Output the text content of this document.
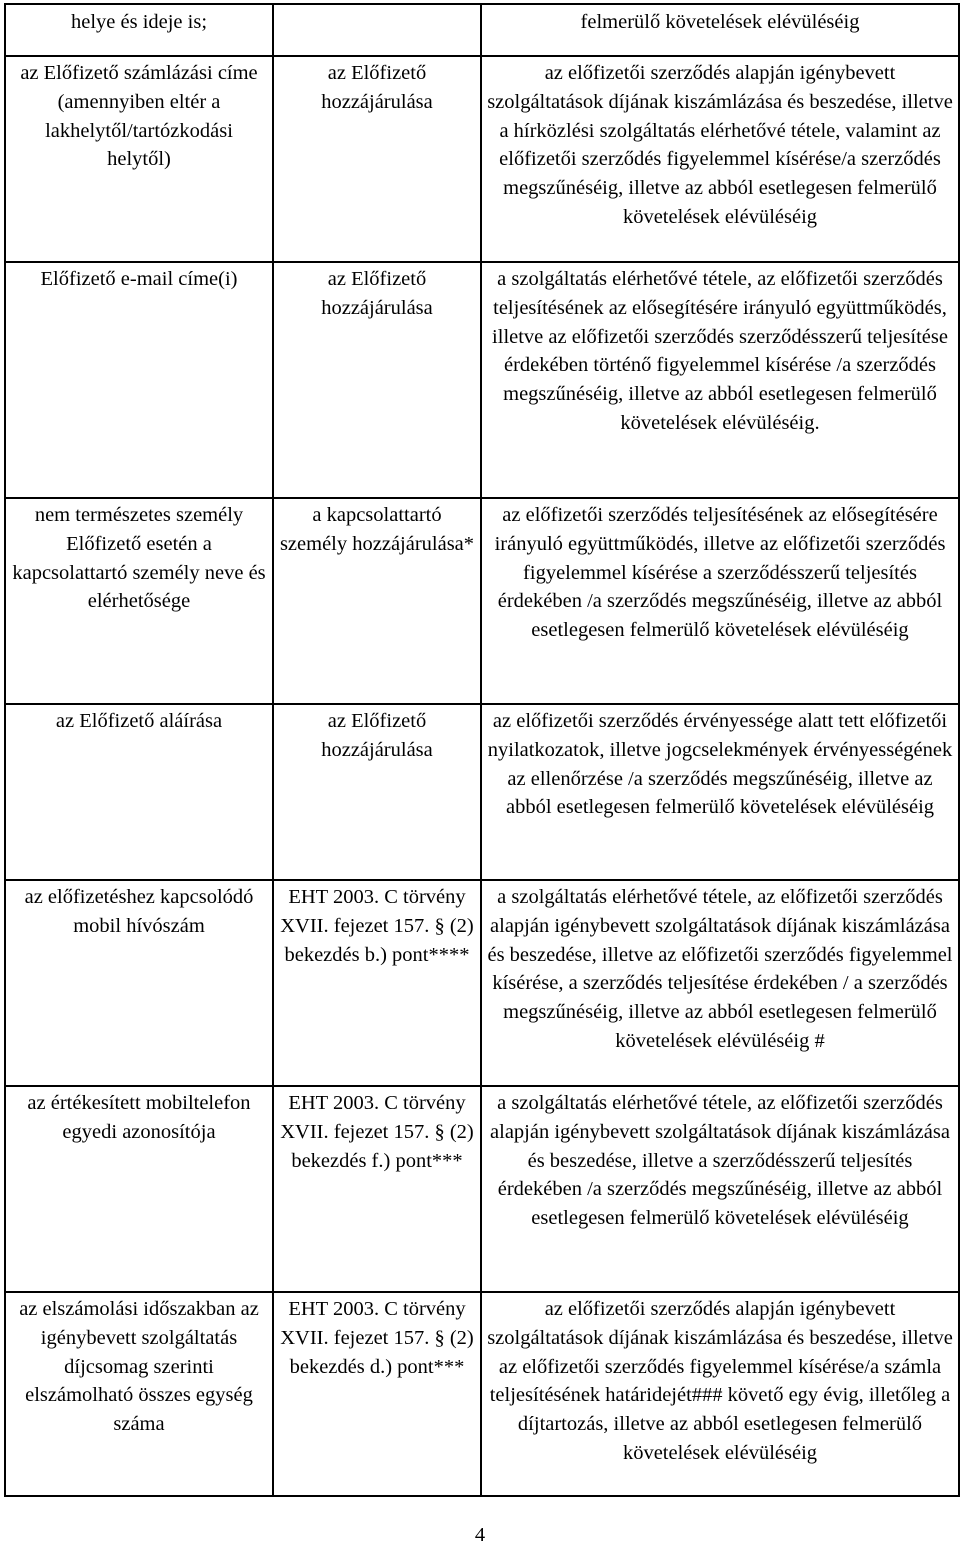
helye és ideje is;		felmerülő követelések elévüléséig
az Előfizető számlázási címe (amennyiben eltér a lakhelytől/tartózkodási helytől)	az Előfizető hozzájárulása	az előfizetői szerződés alapján igénybevett szolgáltatások díjának kiszámlázása és beszedése, illetve a hírközlési szolgáltatás elérhetővé tétele, valamint az előfizetői szerződés figyelemmel kísérése/a szerződés megszűnéséig, illetve az abból esetlegesen felmerülő követelések elévüléséig
Előfizető e-mail címe(i)	az Előfizető hozzájárulása	a szolgáltatás elérhetővé tétele, az előfizetői szerződés teljesítésének az elősegítésére irányuló együttműködés, illetve az előfizetői szerződés szerződésszerű teljesítése érdekében történő figyelemmel kísérése /a szerződés megszűnéséig, illetve az abból esetlegesen felmerülő követelések elévüléséig.
nem természetes személy Előfizető esetén a kapcsolattartó személy neve és elérhetősége	a kapcsolattartó személy hozzájárulása*	az előfizetői szerződés teljesítésének az elősegítésére irányuló együttműködés, illetve az előfizetői szerződés figyelemmel kísérése a szerződésszerű teljesítés érdekében /a szerződés megszűnéséig, illetve az abból esetlegesen felmerülő követelések elévüléséig
az Előfizető aláírása	az Előfizető hozzájárulása	az előfizetői szerződés érvényessége alatt tett előfizetői nyilatkozatok, illetve jogcselekmények érvényességének az ellenőrzése /a szerződés megszűnéséig, illetve az abból esetlegesen felmerülő követelések elévüléséig
az előfizetéshez kapcsolódó mobil hívószám	EHT 2003. C törvény XVII. fejezet 157. § (2) bekezdés b.) pont****	a szolgáltatás elérhetővé tétele, az előfizetői szerződés alapján igénybevett szolgáltatások díjának kiszámlázása és beszedése, illetve az előfizetői szerződés figyelemmel kísérése, a szerződés teljesítése érdekében / a szerződés megszűnéséig, illetve az abból esetlegesen felmerülő követelések elévüléséig #
az értékesített mobiltelefon egyedi azonosítója	EHT 2003. C törvény XVII. fejezet 157. § (2) bekezdés f.) pont***	a szolgáltatás elérhetővé tétele, az előfizetői szerződés alapján igénybevett szolgáltatások díjának kiszámlázása és beszedése, illetve a szerződésszerű teljesítés érdekében /a szerződés megszűnéséig, illetve az abból esetlegesen felmerülő követelések elévüléséig
az elszámolási időszakban az igénybevett szolgáltatás díjcsomag szerinti elszámolható összes egység száma	EHT 2003. C törvény XVII. fejezet 157. § (2) bekezdés d.) pont***	az előfizetői szerződés alapján igénybevett szolgáltatások díjának kiszámlázása és beszedése, illetve az előfizetői szerződés figyelemmel kísérése/a számla teljesítésének határidejét### követő egy évig, illetőleg a díjtartozás, illetve az abból esetlegesen felmerülő követelések elévüléséig
4
